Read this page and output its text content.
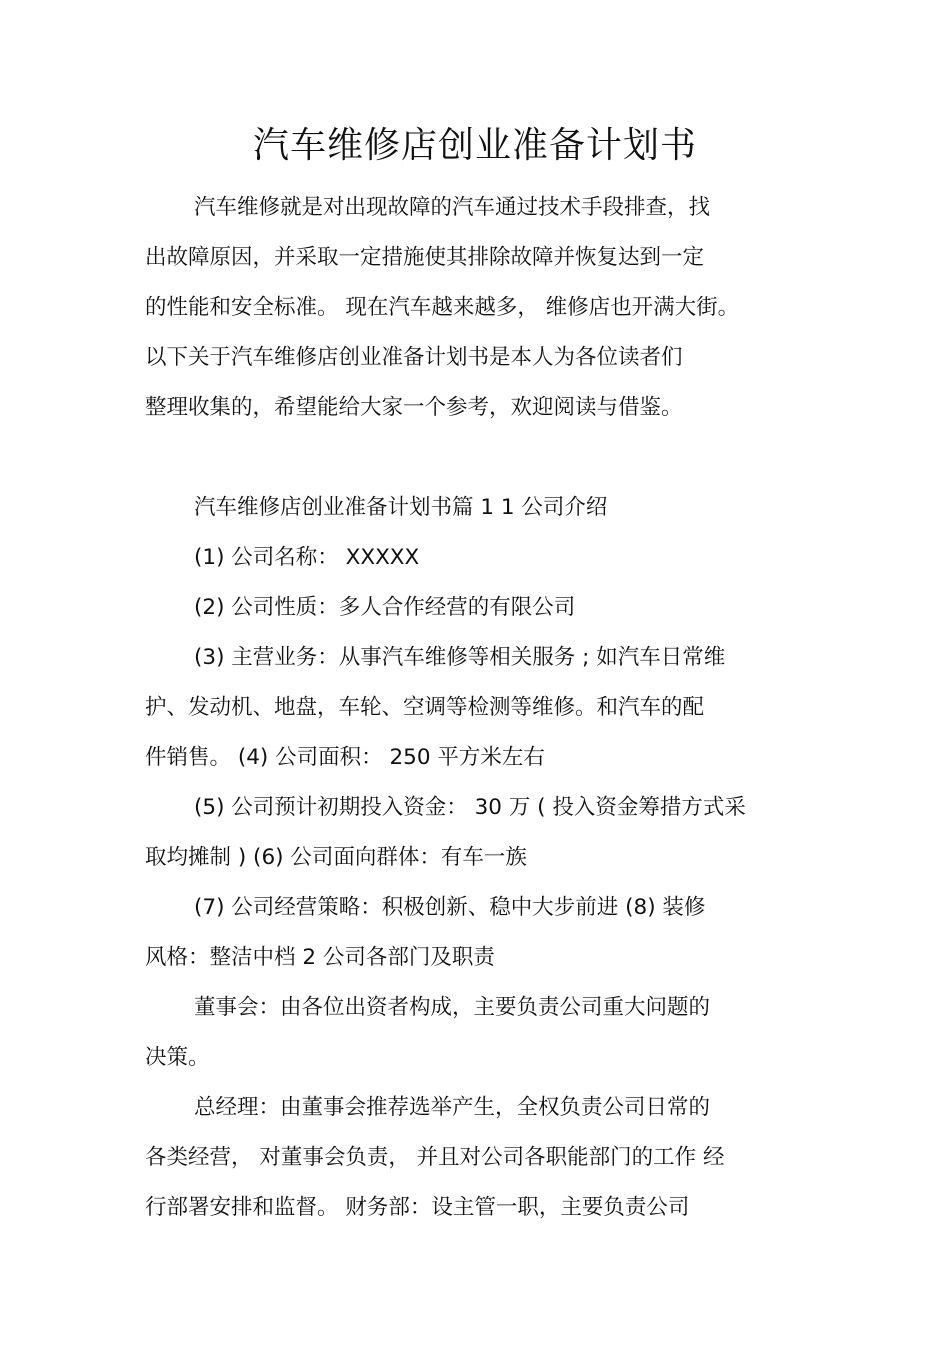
汽车维修店创业准备计划书
汽车维修就是对出现故障的汽车通过技术手段排查，找
出故障原因，并采取一定措施使其排除故障并恢复达到一定
的性能和安全标准。 现在汽车越来越多， 维修店也开满大街。
以下关于汽车维修店创业准备计划书是本人为各位读者们
整理收集的，希望能给大家一个参考，欢迎阅读与借鉴。
汽车维修店创业准备计划书篇 1 1 公司介绍
(1) 公司名称： XXXXX
(2) 公司性质：多人合作经营的有限公司
(3) 主营业务：从事汽车维修等相关服务 ; 如汽车日常维
护、发动机、地盘，车轮、空调等检测等维修。和汽车的配
件销售。 (4) 公司面积： 250 平方米左右
(5) 公司预计初期投入资金： 30 万 ( 投入资金筹措方式采
取均摊制 ) (6) 公司面向群体：有车一族
(7) 公司经营策略：积极创新、稳中大步前进 (8) 装修
风格：整洁中档 2 公司各部门及职责
董事会：由各位出资者构成，主要负责公司重大问题的
决策。
总经理：由董事会推荐选举产生，全权负责公司日常的
各类经营， 对董事会负责， 并且对公司各职能部门的工作 经
行部署安排和监督。 财务部：设主管一职，主要负责公司
